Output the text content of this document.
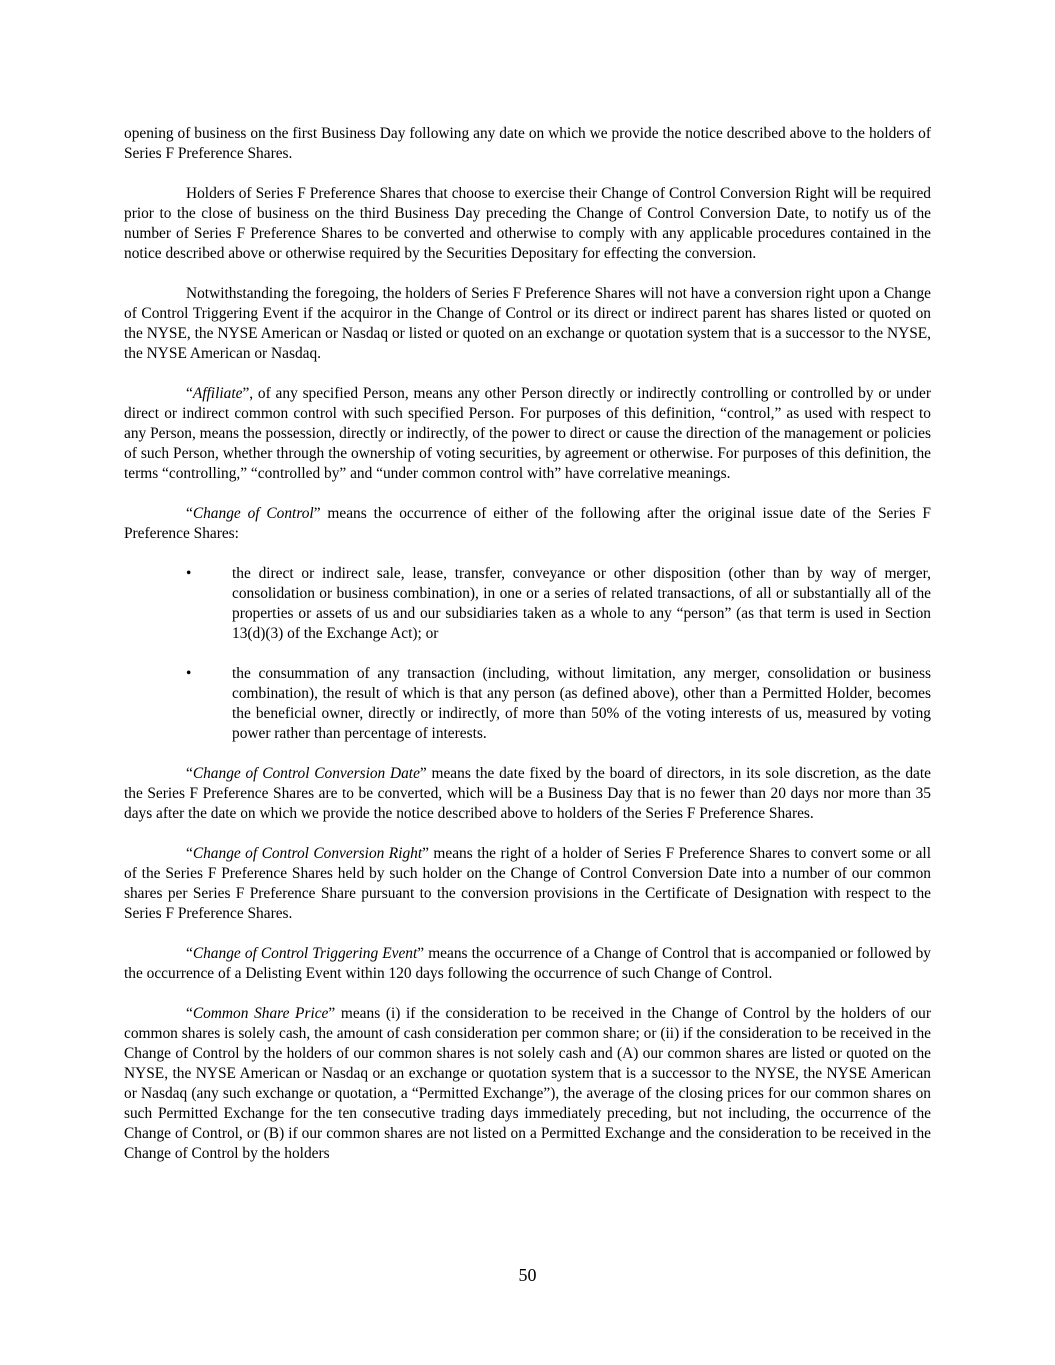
opening of business on the first Business Day following any date on which we provide the notice described above to the holders of Series F Preference Shares.

Holders of Series F Preference Shares that choose to exercise their Change of Control Conversion Right will be required prior to the close of business on the third Business Day preceding the Change of Control Conversion Date, to notify us of the number of Series F Preference Shares to be converted and otherwise to comply with any applicable procedures contained in the notice described above or otherwise required by the Securities Depositary for effecting the conversion.

Notwithstanding the foregoing, the holders of Series F Preference Shares will not have a conversion right upon a Change of Control Triggering Event if the acquiror in the Change of Control or its direct or indirect parent has shares listed or quoted on the NYSE, the NYSE American or Nasdaq or listed or quoted on an exchange or quotation system that is a successor to the NYSE, the NYSE American or Nasdaq.

“Affiliate”, of any specified Person, means any other Person directly or indirectly controlling or controlled by or under direct or indirect common control with such specified Person. For purposes of this definition, “control,” as used with respect to any Person, means the possession, directly or indirectly, of the power to direct or cause the direction of the management or policies of such Person, whether through the ownership of voting securities, by agreement or otherwise. For purposes of this definition, the terms “controlling,” “controlled by” and “under common control with” have correlative meanings.

“Change of Control” means the occurrence of either of the following after the original issue date of the Series F Preference Shares:

•	the direct or indirect sale, lease, transfer, conveyance or other disposition (other than by way of merger, consolidation or business combination), in one or a series of related transactions, of all or substantially all of the properties or assets of us and our subsidiaries taken as a whole to any “person” (as that term is used in Section 13(d)(3) of the Exchange Act); or
•	the consummation of any transaction (including, without limitation, any merger, consolidation or business combination), the result of which is that any person (as defined above), other than a Permitted Holder, becomes the beneficial owner, directly or indirectly, of more than 50% of the voting interests of us, measured by voting power rather than percentage of interests.

“Change of Control Conversion Date” means the date fixed by the board of directors, in its sole discretion, as the date the Series F Preference Shares are to be converted, which will be a Business Day that is no fewer than 20 days nor more than 35 days after the date on which we provide the notice described above to holders of the Series F Preference Shares.

“Change of Control Conversion Right” means the right of a holder of Series F Preference Shares to convert some or all of the Series F Preference Shares held by such holder on the Change of Control Conversion Date into a number of our common shares per Series F Preference Share pursuant to the conversion provisions in the Certificate of Designation with respect to the Series F Preference Shares.

“Change of Control Triggering Event” means the occurrence of a Change of Control that is accompanied or followed by the occurrence of a Delisting Event within 120 days following the occurrence of such Change of Control.

“Common Share Price” means (i) if the consideration to be received in the Change of Control by the holders of our common shares is solely cash, the amount of cash consideration per common share; or (ii) if the consideration to be received in the Change of Control by the holders of our common shares is not solely cash and (A) our common shares are listed or quoted on the NYSE, the NYSE American or Nasdaq or an exchange or quotation system that is a successor to the NYSE, the NYSE American or Nasdaq (any such exchange or quotation, a “Permitted Exchange”), the average of the closing prices for our common shares on such Permitted Exchange for the ten consecutive trading days immediately preceding, but not including, the occurrence of the Change of Control, or (B) if our common shares are not listed on a Permitted Exchange and the consideration to be received in the Change of Control by the holders

50
